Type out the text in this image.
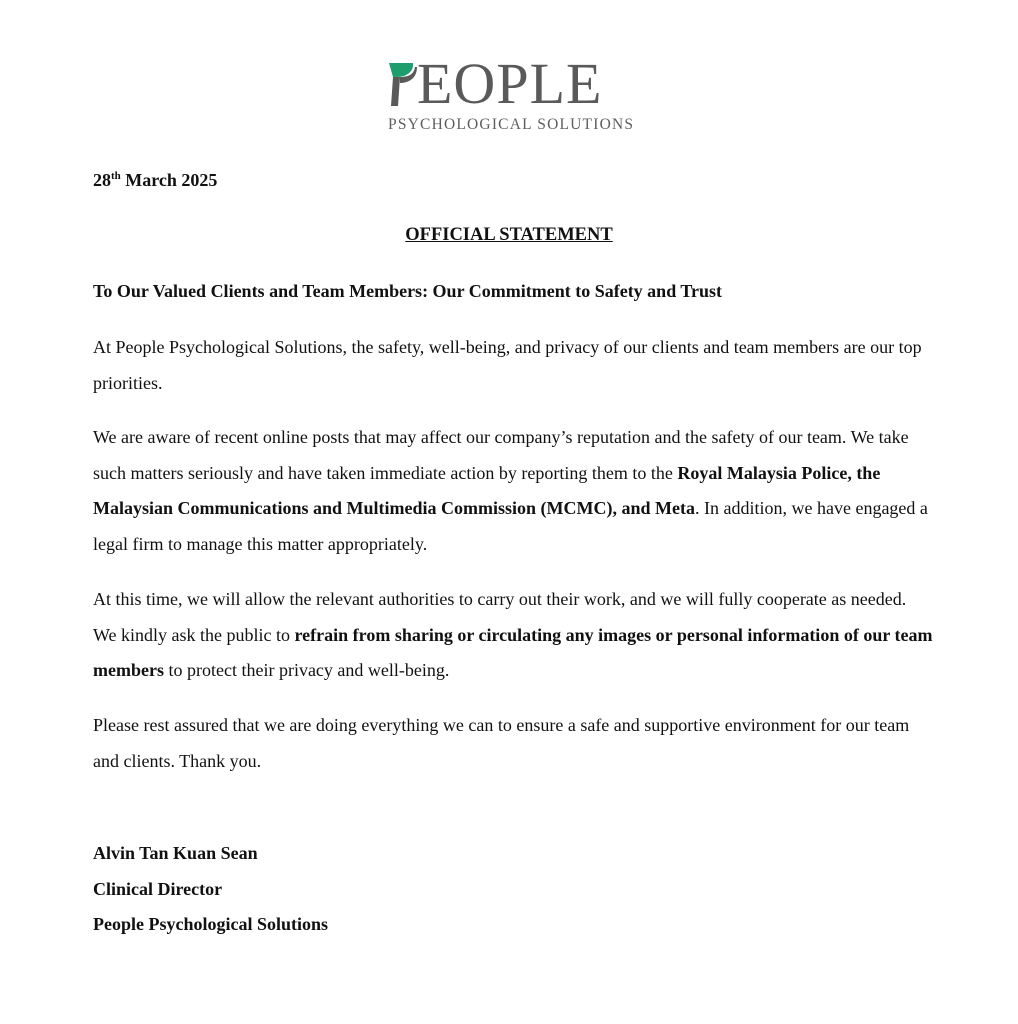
EOPLE
PSYCHOLOGICAL SOLUTIONS
28th March 2025
OFFICIAL STATEMENT
To Our Valued Clients and Team Members: Our Commitment to Safety and Trust

At People Psychological Solutions, the safety, well-being, and privacy of our clients and team members are our top priorities.

We are aware of recent online posts that may affect our company’s reputation and the safety of our team. We take such matters seriously and have taken immediate action by reporting them to the Royal Malaysia Police, the Malaysian Communications and Multimedia Commission (MCMC), and Meta. In addition, we have engaged a legal firm to manage this matter appropriately.

At this time, we will allow the relevant authorities to carry out their work, and we will fully cooperate as needed. We kindly ask the public to refrain from sharing or circulating any images or personal information of our team members to protect their privacy and well-being.

Please rest assured that we are doing everything we can to ensure a safe and supportive environment for our team and clients. Thank you.

Alvin Tan Kuan Sean
Clinical Director
People Psychological Solutions
